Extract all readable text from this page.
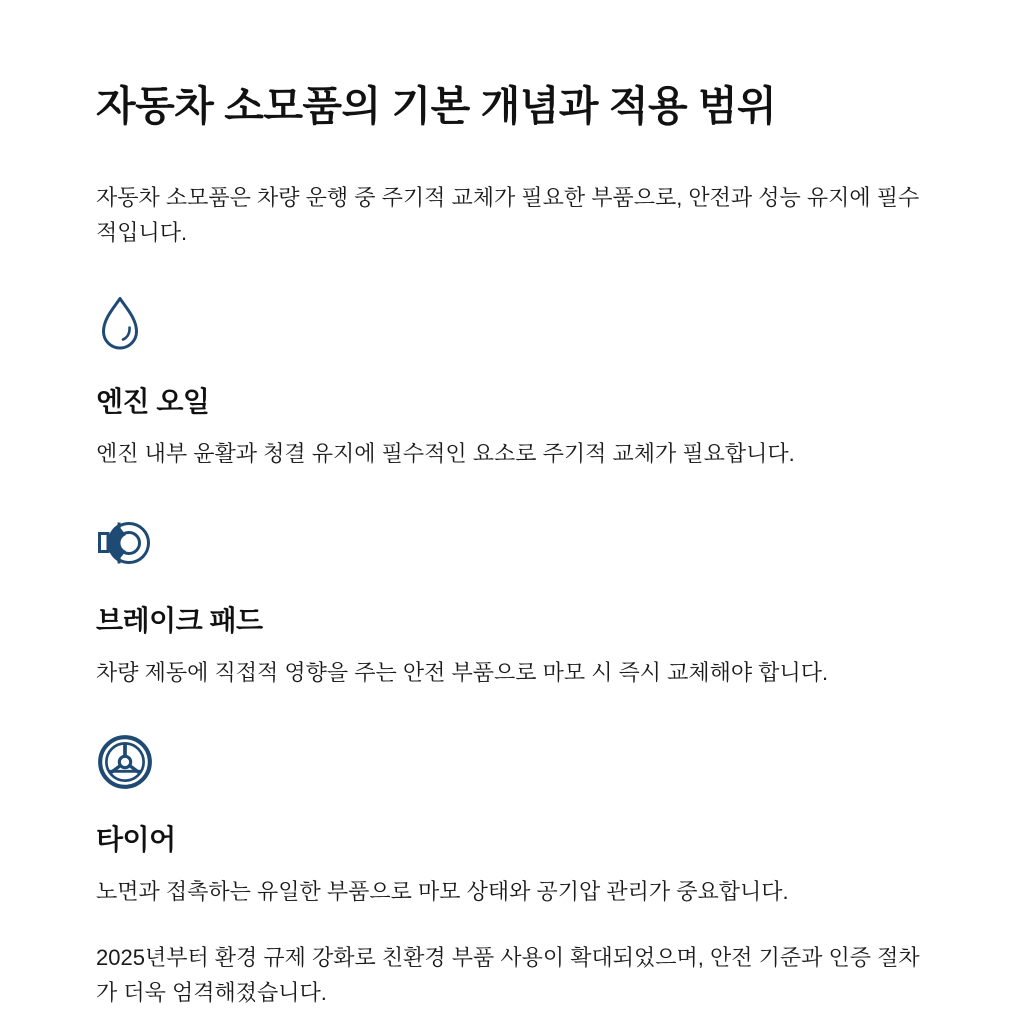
자동차 소모품의 기본 개념과 적용 범위

자동차 소모품은 차량 운행 중 주기적 교체가 필요한 부품으로, 안전과 성능 유지에 필수적입니다.

엔진 오일

엔진 내부 윤활과 청결 유지에 필수적인 요소로 주기적 교체가 필요합니다.

브레이크 패드

차량 제동에 직접적 영향을 주는 안전 부품으로 마모 시 즉시 교체해야 합니다.

타이어

노면과 접촉하는 유일한 부품으로 마모 상태와 공기압 관리가 중요합니다.

2025년부터 환경 규제 강화로 친환경 부품 사용이 확대되었으며, 안전 기준과 인증 절차가 더욱 엄격해졌습니다.
